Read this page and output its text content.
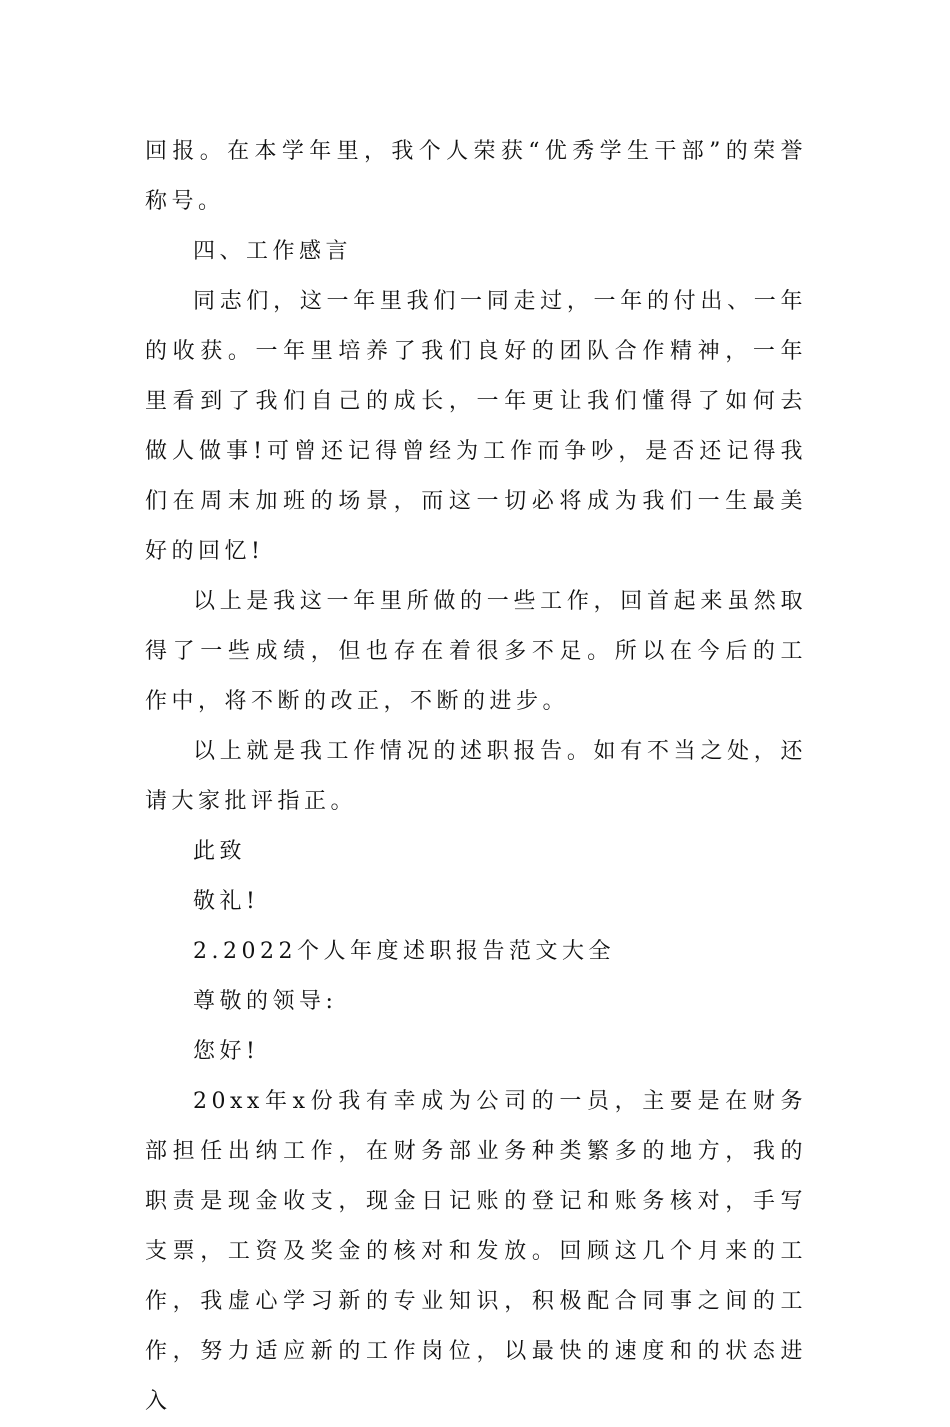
回报。在本学年里，我个人荣获“优秀学生干部”的荣誉称号。

四、工作感言

同志们，这一年里我们一同走过，一年的付出、一年的收获。一年里培养了我们良好的团队合作精神，一年里看到了我们自己的成长，一年更让我们懂得了如何去做人做事!可曾还记得曾经为工作而争吵，是否还记得我们在周末加班的场景，而这一切必将成为我们一生最美好的回忆!

以上是我这一年里所做的一些工作，回首起来虽然取得了一些成绩，但也存在着很多不足。所以在今后的工作中，将不断的改正，不断的进步。

以上就是我工作情况的述职报告。如有不当之处，还请大家批评指正。

此致

敬礼!

2.2022个人年度述职报告范文大全

尊敬的领导:

您好!

20xx年x份我有幸成为公司的一员，主要是在财务部担任出纳工作，在财务部业务种类繁多的地方，我的职责是现金收支，现金日记账的登记和账务核对，手写支票，工资及奖金的核对和发放。回顾这几个月来的工作，我虚心学习新的专业知识，积极配合同事之间的工作，努力适应新的工作岗位，以最快的速度和的状态进入
